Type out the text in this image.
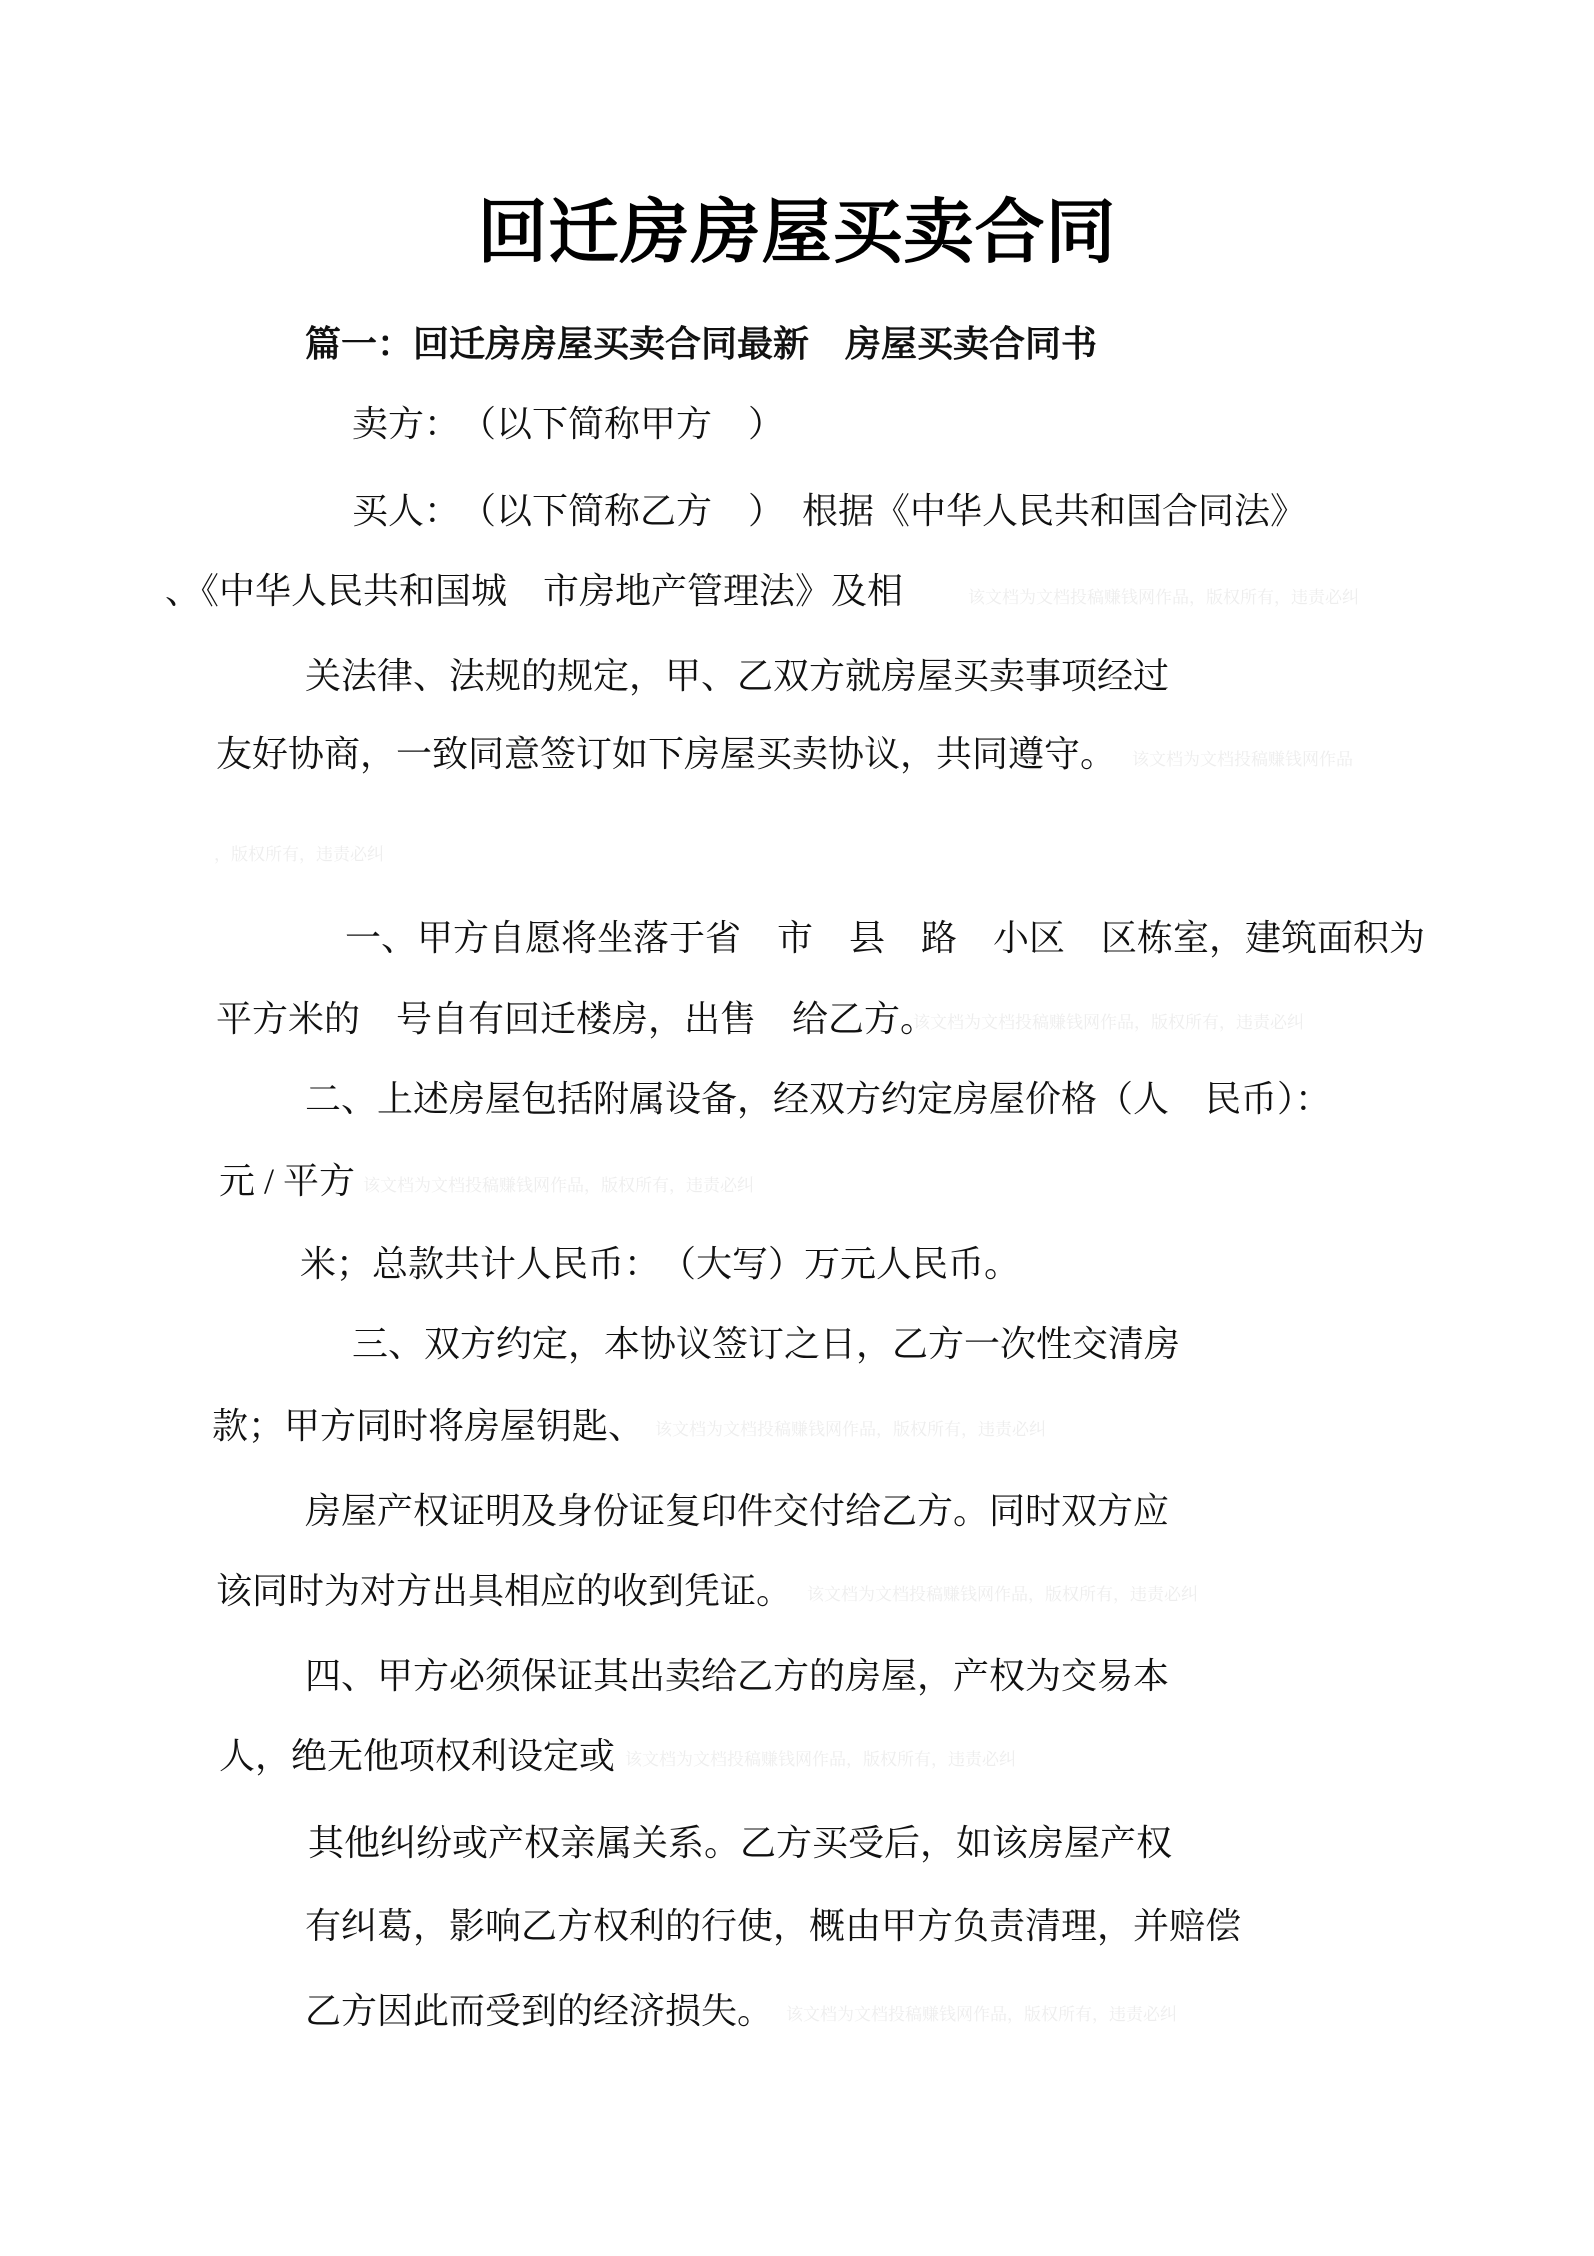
回迁房房屋买卖合同
篇一：回迁房房屋买卖合同最新　房屋买卖合同书
卖方：　（以下简称甲方　）
买人：　（以下简称乙方　）　根据《中华人民共和国合同法》
、《中华人民共和国城　市房地产管理法》及相
关法律、法规的规定，甲、乙双方就房屋买卖事项经过
友好协商，一致同意签订如下房屋买卖协议，共同遵守。
一、甲方自愿将坐落于省　市　县　路　小区　区栋室，建筑面积为
平方米的　号自有回迁楼房，出售　给乙方。
二、上述房屋包括附属设备，经双方约定房屋价格（人　民币）：
元 / 平方
米；总款共计人民币：　（大写）万元人民币。
三、双方约定，本协议签订之日，乙方一次性交清房
款；甲方同时将房屋钥匙、
房屋产权证明及身份证复印件交付给乙方。同时双方应
该同时为对方出具相应的收到凭证。
四、甲方必须保证其出卖给乙方的房屋，产权为交易本
人，绝无他项权利设定或
其他纠纷或产权亲属关系。乙方买受后，如该房屋产权
有纠葛，影响乙方权利的行使，概由甲方负责清理，并赔偿
乙方因此而受到的经济损失。
该文档为文档投稿赚钱网作品，版权所有，违责必纠
该文档为文档投稿赚钱网作品
，版权所有，违责必纠
该文档为文档投稿赚钱网作品，版权所有，违责必纠
该文档为文档投稿赚钱网作品，版权所有，违责必纠
该文档为文档投稿赚钱网作品，版权所有，违责必纠
该文档为文档投稿赚钱网作品，版权所有，违责必纠
该文档为文档投稿赚钱网作品，版权所有，违责必纠
该文档为文档投稿赚钱网作品，版权所有，违责必纠
